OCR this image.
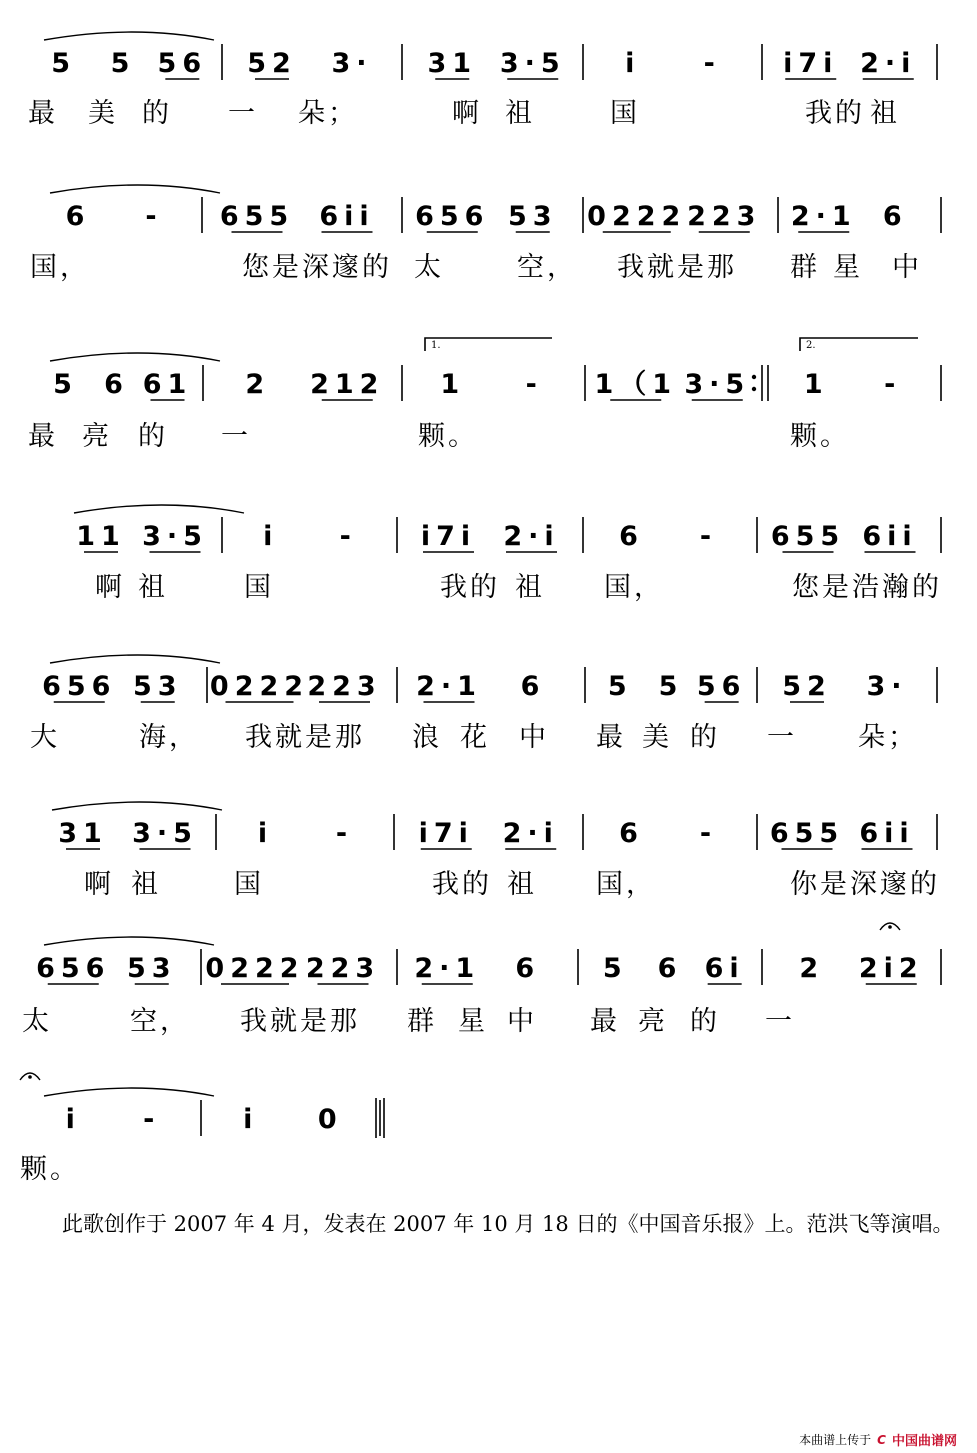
5 5 56 52 3· 31 3·5 i - i7i 2·i
最 美 的 一 朵；	啊 祖	国	我的 祖
6 - 655 6ii 656 53 0222 223 2·1 6
国，	您是深邃的 太	空， 我就是那 群 星 中
5 6 61 2 212 1 - 1（1 3·5 1 -
最 亮 的 一	颗。	颗。
1.	2.
11 3·5 i - i7i 2·i 6 - 655 6ii
啊 祖	国	我的 祖 国，	您是浩瀚的
656 53 0222
223 2·1 6 5 5 56 52 3·
大	海， 我就是那 浪 花 中 最 美 的 一 朵；
31 3·5 i - i7i 2·i 6 - 655 6ii
啊 祖	国	我的 祖 国，	你是深邃的
656 53 0222 223 2·1 6 5 6 6i 2 2i2
太	空， 我就是那 群 星 中 最 亮 的 一
i -	i 0
颗。
此歌创作于 2007 年 4 月，发表在 2007 年 10 月 18 日的《中国音乐报》上。范洪飞等演唱。
本曲谱上传于 C 中国曲谱网
